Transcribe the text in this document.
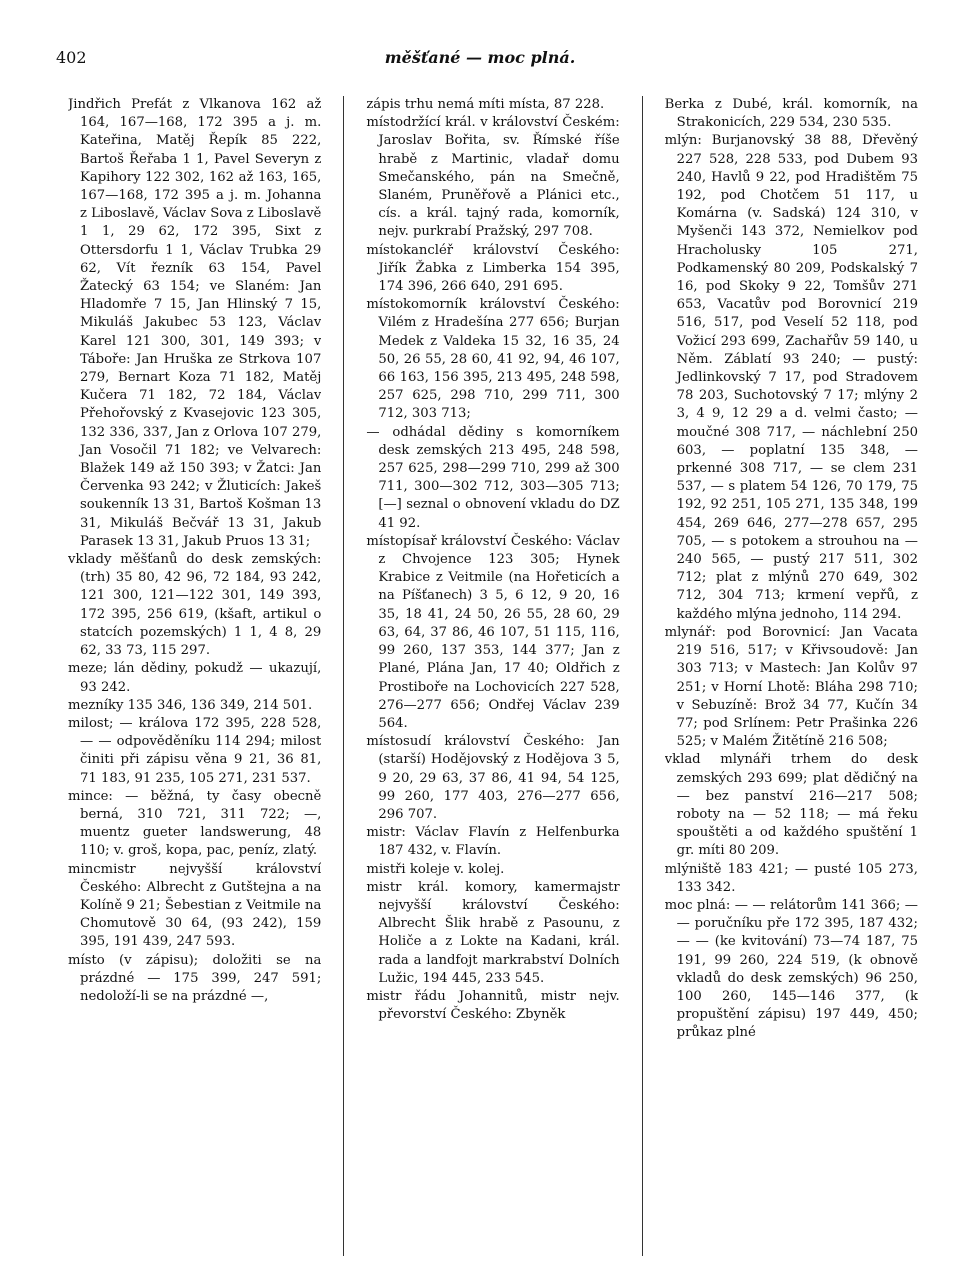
402	měšťané — moc plná.

Jindřich Prefát z Vlkanova 162 až 164, 167—168, 172 395 a j. m. Kateřina, Matěj Řepík 85 222, Bartoš Řeřaba 1 1, Pavel Severyn z Kapihory 122 302, 162 až 163, 165, 167—168, 172 395 a j. m. Johanna z Liboslavě, Václav Sova z Liboslavě 1 1, 29 62, 172 395, Sixt z Ottersdorfu 1 1, Václav Trubka 29 62, Vít řezník 63 154, Pavel Žatecký 63 154; ve Slaném: Jan Hladomře 7 15, Jan Hlinský 7 15, Mikuláš Jakubec 53 123, Václav Karel 121 300, 301, 149 393; v Táboře: Jan Hruška ze Strkova 107 279, Bernart Koza 71 182, Matěj Kučera 71 182, 72 184, Václav Přehořovský z Kvasejovic 123 305, 132 336, 337, Jan z Orlova 107 279, Jan Vosočil 71 182; ve Velvarech: Blažek 149 až 150 393; v Žatci: Jan Červenka 93 242; v Žluticích: Jakeš soukenník 13 31, Bartoš Košman 13 31, Mikuláš Bečvář 13 31, Jakub Parasek 13 31, Jakub Pruos 13 31;

vklady měšťanů do desk zemských: (trh) 35 80, 42 96, 72 184, 93 242, 121 300, 121—122 301, 149 393, 172 395, 256 619, (kšaft, artikul o statcích pozemských) 1 1, 4 8, 29 62, 33 73, 115 297.

meze; lán dědiny, pokudž — ukazují, 93 242.

mezníky 135 346, 136 349, 214 501.

milost; — králova 172 395, 228 528, — — odpověděníku 114 294; milost činiti při zápisu věna 9 21, 36 81, 71 183, 91 235, 105 271, 231 537.

mince: — běžná, ty časy obecně berná, 310 721, 311 722; —, muentz gueter landswerung, 48 110; v. groš, kopa, pac, peníz, zlatý.

mincmistr nejvyšší království Českého: Albrecht z Gutštejna a na Kolíně 9 21; Šebestian z Veitmile na Chomutově 30 64, (93 242), 159 395, 191 439, 247 593.

místo (v zápisu); doložiti se na prázdné — 175 399, 247 591; nedoloží-li se na prázdné —,

zápis trhu nemá míti místa, 87 228.

místodržící král. v království Českém: Jaroslav Bořita, sv. Římské říše hrabě z Martinic, vladař domu Smečanského, pán na Smečně, Slaném, Pruněřově a Plánici etc., cís. a král. tajný rada, komorník, nejv. purkrabí Pražský, 297 708.

místokancléř království Českého: Jiřík Žabka z Limberka 154 395, 174 396, 266 640, 291 695.

místokomorník království Českého: Vilém z Hradešína 277 656; Burjan Medek z Valdeka 15 32, 16 35, 24 50, 26 55, 28 60, 41 92, 94, 46 107, 66 163, 156 395, 213 495, 248 598, 257 625, 298 710, 299 711, 300 712, 303 713;

— odhádal dědiny s komorníkem desk zemských 213 495, 248 598, 257 625, 298—299 710, 299 až 300 711, 300—302 712, 303—305 713; [—] seznal o obnovení vkladu do DZ 41 92.

místopísař království Českého: Václav z Chvojence 123 305; Hynek Krabice z Veitmile (na Hořeticích a na Píšťanech) 3 5, 6 12, 9 20, 16 35, 18 41, 24 50, 26 55, 28 60, 29 63, 64, 37 86, 46 107, 51 115, 116, 99 260, 137 353, 144 377; Jan z Plané, Plána Jan, 17 40; Oldřich z Prostiboře na Lochovicích 227 528, 276—277 656; Ondřej Václav 239 564.

místosudí království Českého: Jan (starší) Hodějovský z Hodějova 3 5, 9 20, 29 63, 37 86, 41 94, 54 125, 99 260, 177 403, 276—277 656, 296 707.

mistr: Václav Flavín z Helfenburka 187 432, v. Flavín.

mistři koleje v. kolej.

mistr král. komory, kamermajstr nejvyšší království Českého: Albrecht Šlik hrabě z Pasounu, z Holiče a z Lokte na Kadani, král. rada a landfojt markrabství Dolních Lužic, 194 445, 233 545.

mistr řádu Johannitů, mistr nejv. převorství Českého: Zbyněk

Berka z Dubé, král. komorník, na Strakonicích, 229 534, 230 535.

mlýn: Burjanovský 38 88, Dřevěný 227 528, 228 533, pod Dubem 93 240, Havlů 9 22, pod Hradištěm 75 192, pod Chotčem 51 117, u Komárna (v. Sadská) 124 310, v Myšenči 143 372, Nemielkov pod Hracholusky 105 271, Podkamenský 80 209, Podskalský 7 16, pod Skoky 9 22, Tomšův 271 653, Vacatův pod Borovnicí 219 516, 517, pod Veselí 52 118, pod Vožicí 293 699, Zachařův 59 140, u Něm. Záblatí 93 240; — pustý: Jedlinkovský 7 17, pod Stradovem 78 203, Suchotovský 7 17; mlýny 2 3, 4 9, 12 29 a d. velmi často; — moučné 308 717, — náchlební 250 603, — poplatní 135 348, — prkenné 308 717, — se clem 231 537, — s platem 54 126, 70 179, 75 192, 92 251, 105 271, 135 348, 199 454, 269 646, 277—278 657, 295 705, — s potokem a strouhou na — 240 565, — pustý 217 511, 302 712; plat z mlýnů 270 649, 302 712, 304 713; krmení vepřů, z každého mlýna jednoho, 114 294.

mlynář: pod Borovnicí: Jan Vacata 219 516, 517; v Křivsoudově: Jan 303 713; v Mastech: Jan Kolův 97 251; v Horní Lhotě: Bláha 298 710; v Sebuzíně: Brož 34 77, Kučín 34 77; pod Srlínem: Petr Prašinka 226 525; v Malém Žitětíně 216 508;

vklad mlynáři trhem do desk zemských 293 699; plat dědičný na — bez panství 216—217 508; roboty na — 52 118; — má řeku spouštěti a od každého spuštění 1 gr. míti 80 209.

mlýniště 183 421; — pusté 105 273, 133 342.

moc plná: — — relátorům 141 366; — — poručníku pře 172 395, 187 432; — — (ke kvitování) 73—74 187, 75 191, 99 260, 224 519, (k obnově vkladů do desk zemských) 96 250, 100 260, 145—146 377, (k propuštění zápisu) 197 449, 450; průkaz plné
